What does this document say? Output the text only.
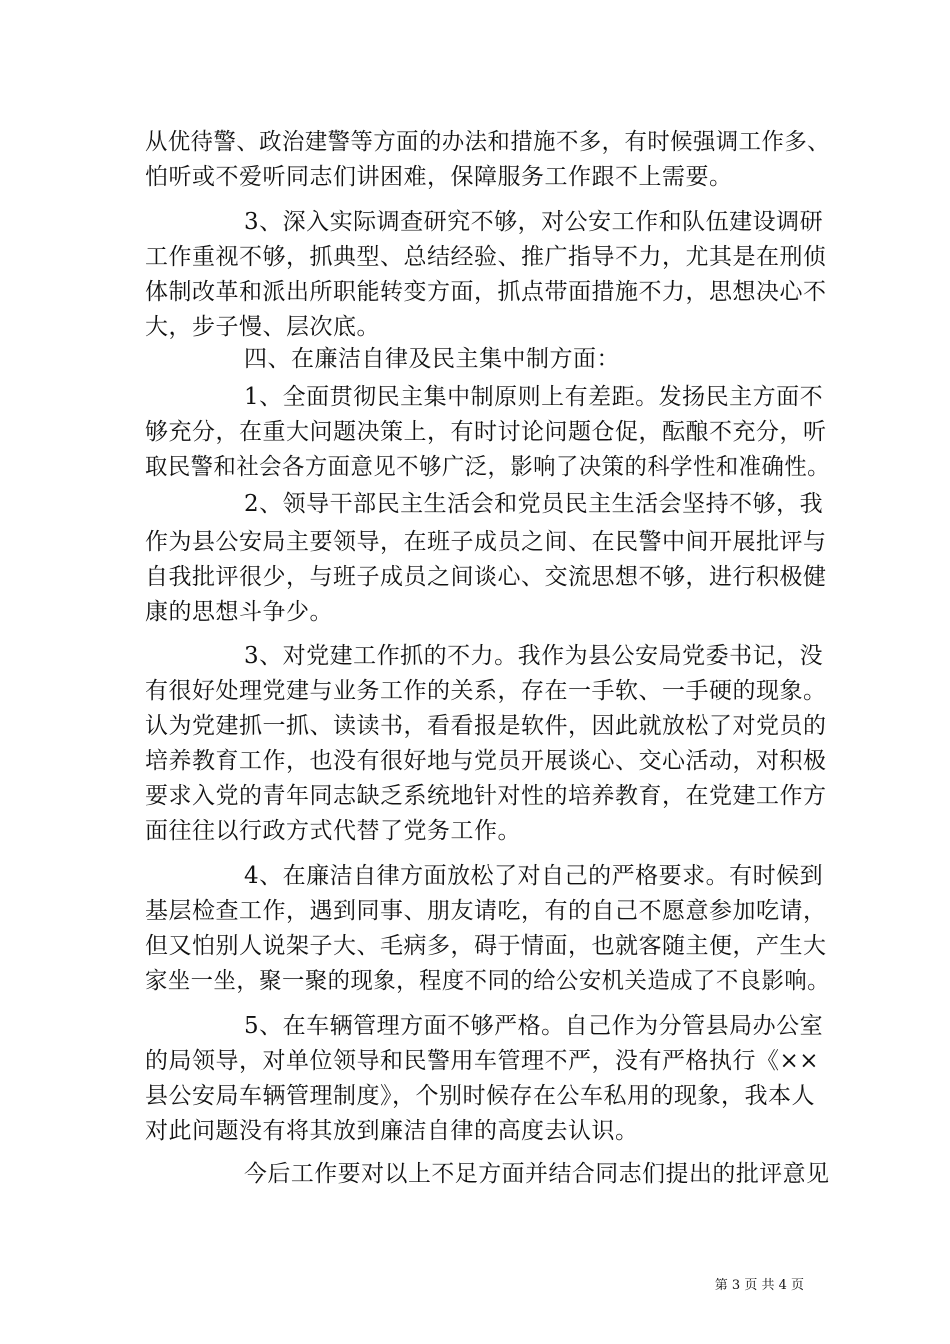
从优待警、政治建警等方面的办法和措施不多，有时候强调工作多、
怕听或不爱听同志们讲困难，保障服务工作跟不上需要。
3、深入实际调查研究不够，对公安工作和队伍建设调研
工作重视不够，抓典型、总结经验、推广指导不力，尤其是在刑侦
体制改革和派出所职能转变方面，抓点带面措施不力，思想决心不
大，步子慢、层次底。
四、在廉洁自律及民主集中制方面：
1、全面贯彻民主集中制原则上有差距。发扬民主方面不
够充分，在重大问题决策上，有时讨论问题仓促，酝酿不充分，听
取民警和社会各方面意见不够广泛，影响了决策的科学性和准确性。
2、领导干部民主生活会和党员民主生活会坚持不够，我
作为县公安局主要领导，在班子成员之间、在民警中间开展批评与
自我批评很少，与班子成员之间谈心、交流思想不够，进行积极健
康的思想斗争少。
3、对党建工作抓的不力。我作为县公安局党委书记，没
有很好处理党建与业务工作的关系，存在一手软、一手硬的现象。
认为党建抓一抓、读读书，看看报是软件，因此就放松了对党员的
培养教育工作，也没有很好地与党员开展谈心、交心活动，对积极
要求入党的青年同志缺乏系统地针对性的培养教育，在党建工作方
面往往以行政方式代替了党务工作。
4、在廉洁自律方面放松了对自己的严格要求。有时候到
基层检查工作，遇到同事、朋友请吃，有的自己不愿意参加吃请，
但又怕别人说架子大、毛病多，碍于情面，也就客随主便，产生大
家坐一坐，聚一聚的现象，程度不同的给公安机关造成了不良影响。
5、在车辆管理方面不够严格。自己作为分管县局办公室
的局领导，对单位领导和民警用车管理不严，没有严格执行《××
县公安局车辆管理制度》，个别时候存在公车私用的现象，我本人
对此问题没有将其放到廉洁自律的高度去认识。
今后工作要对以上不足方面并结合同志们提出的批评意见
第 3 页 共 4 页
